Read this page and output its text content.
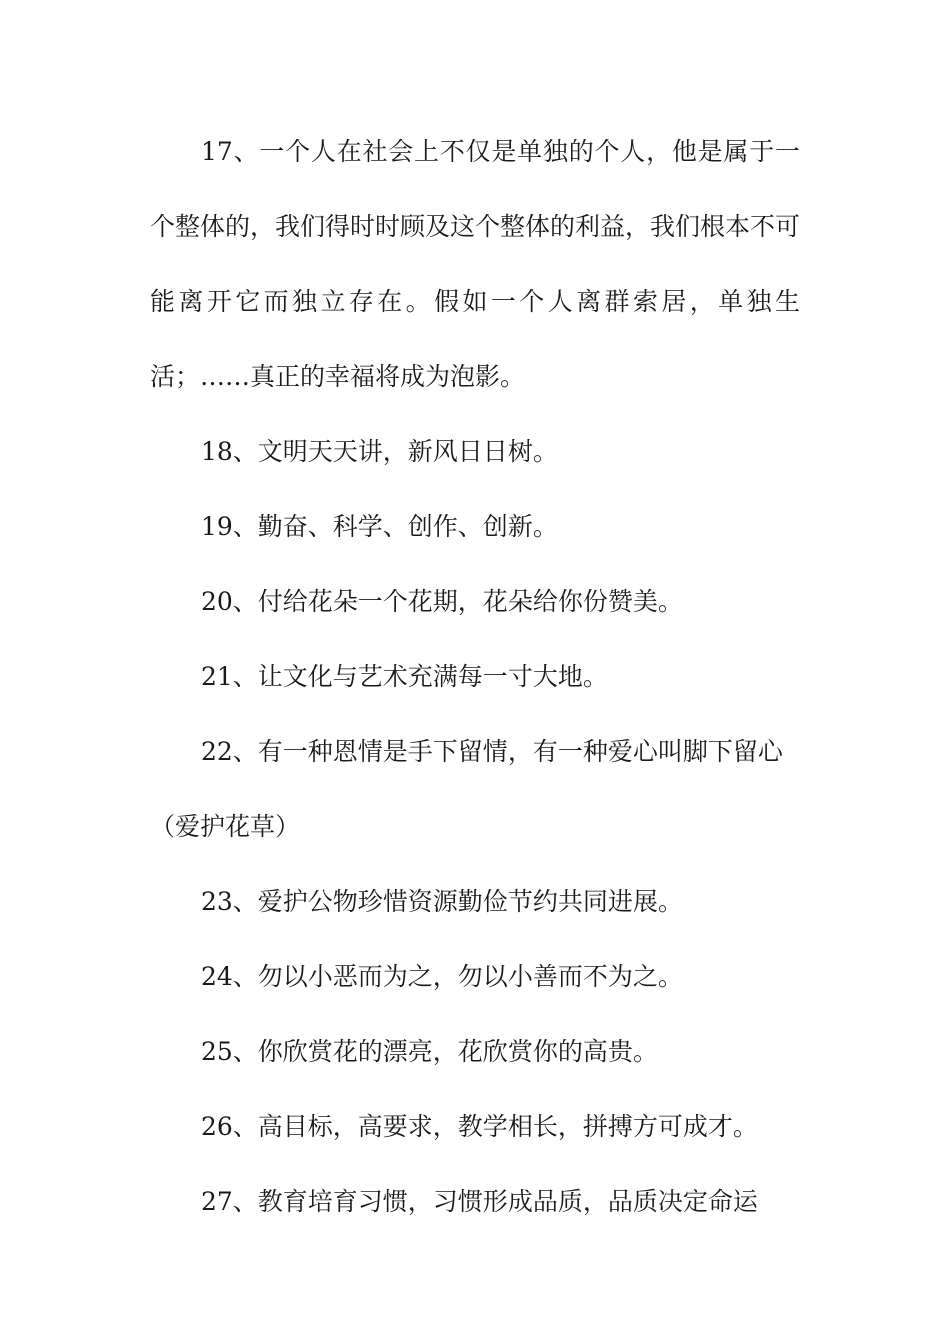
17、一个人在社会上不仅是单独的个人，他是属于一个整体的，我们得时时顾及这个整体的利益，我们根本不可能离开它而独立存在。假如一个人离群索居，单独生活；……真正的幸福将成为泡影。

18、文明天天讲，新风日日树。

19、勤奋、科学、创作、创新。

20、付给花朵一个花期，花朵给你份赞美。

21、让文化与艺术充满每一寸大地。

22、有一种恩情是手下留情，有一种爱心叫脚下留心

（爱护花草）

23、爱护公物珍惜资源勤俭节约共同进展。

24、勿以小恶而为之，勿以小善而不为之。

25、你欣赏花的漂亮，花欣赏你的高贵。

26、高目标，高要求，教学相长，拼搏方可成才。

27、教育培育习惯，习惯形成品质，品质决定命运
